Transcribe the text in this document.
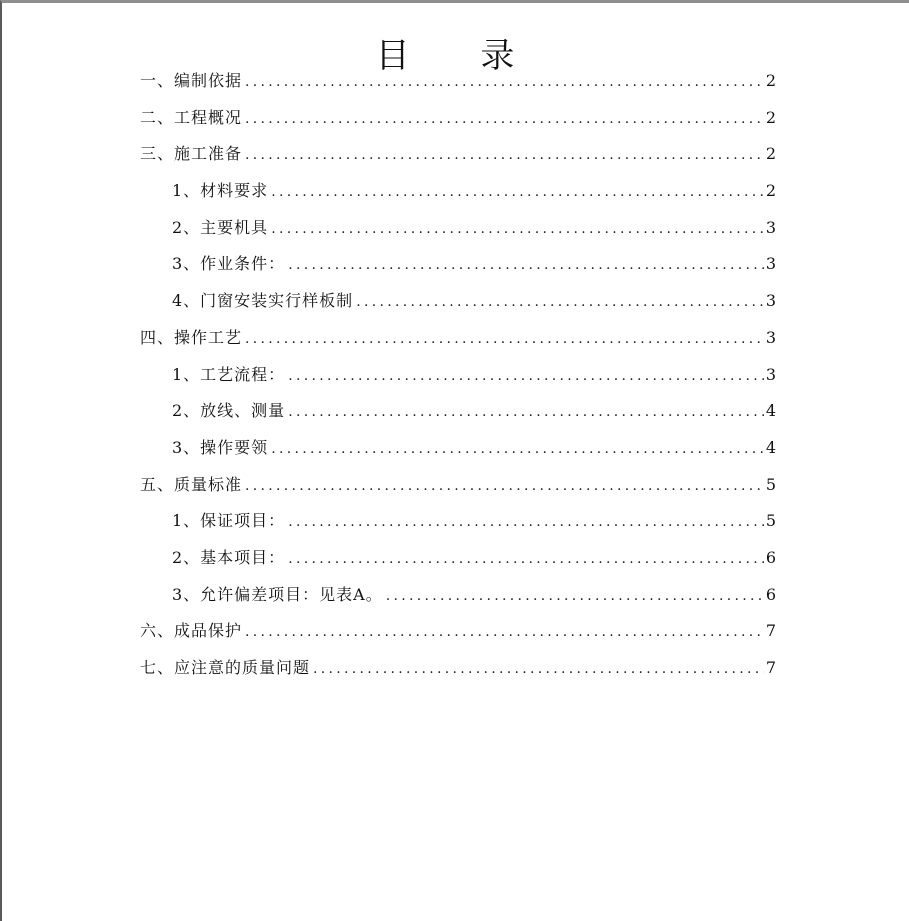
目 录
一、编制依据 .....	2
二、工程概况 .....	2
三、施工准备 .....	2
1、材料要求 .....	2
2、主要机具 .....	3
3、作业条件： .....	3
4、门窗安装实行样板制 .....	3
四、操作工艺 .....	3
1、工艺流程： .....	3
2、放线、测量 .....	4
3、操作要领 .....	4
五、质量标准 .....	5
1、保证项目： .....	5
2、基本项目： .....	6
3、允许偏差项目：见表A。 .....	6
六、成品保护 .....	7
七、应注意的质量问题 .....	7
